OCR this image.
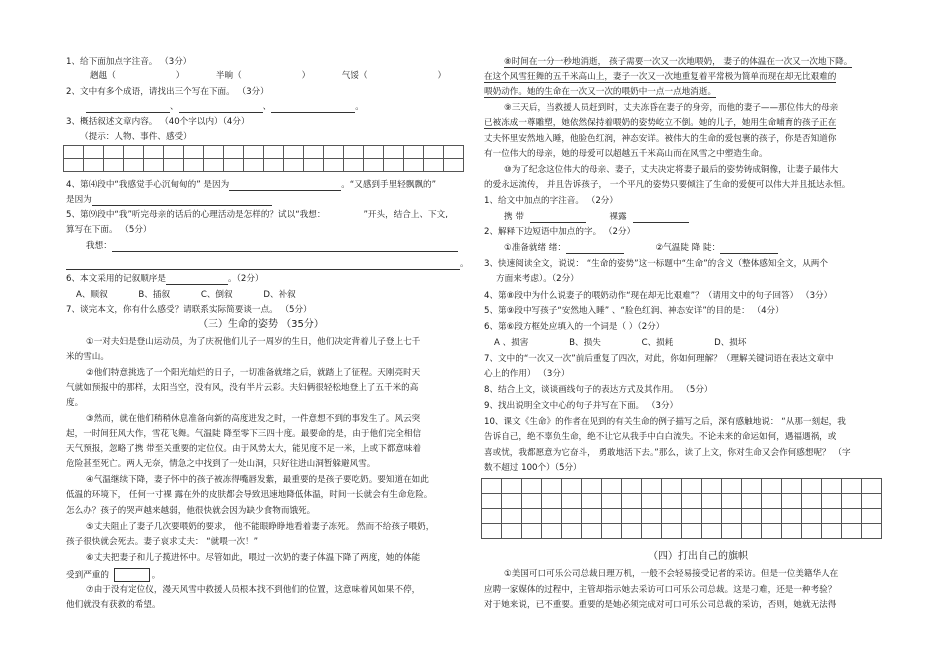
1、给下面加点字注音。 （3分）
趔趄（	）	半晌（	）	气馁（	）
2、文中有多个成语，请找出三个写在下面。 （3分）
、	、	。
3、概括叙述文章内容。 （40个字以内）（4分）
（提示：人物、事件、感受）

4、第⑷段中“我感觉手心沉甸甸的” 是因为	。“又感到手里轻飘飘的”
是因为
5、第⑼段中“我”听完母亲的话后的心理活动是怎样的？试以“我想：	”开头，结合上、下文,
算写在下面。 （5分）
我想：
。
6、本文采用的记叙顺序是	。（2分）
A、顺叙	B、插叙	C、倒叙	D、补叙
7、谈完本文，你有什么感受？请联系实际简要谈一点。 （5分）
（三）生命的姿势 （35分）
①一对夫妇是登山运动员，为了庆祝他们儿子一周岁的生日，他们决定背着儿子登上七千
米的雪山。
②他们特意挑选了一个阳光灿烂的日子，一切准备就绪之后，就踏上了征程。天刚亮时天
气就如预报中的那样，太阳当空，没有风，没有半片云彩。夫妇俩很轻松地登上了五千米的高
度。
③然而，就在他们稍稍休息准备向新的高度进发之时，一件意想不到的事发生了。风云突
起，一时间狂风大作，雪花飞舞。气温陡 降至零下三四十度。最要命的是，由于他们完全相信
天气预报，忽略了携 带至关重要的定位仪。由于风势太大，能见度不足一米，上或下都意味着
危险甚至死亡。两人无奈，情急之中找到了一处山洞，只好往进山洞暂躲避风雪。
④气温继续下降，妻子怀中的孩子被冻得嘴唇发紫，最重要的是孩子要吃奶。要知道在如此
低温的环境下， 任何一寸裸 露在外的皮肤都会导致迅速地降低体温，时间一长就会有生命危险。
怎么办？孩子的哭声越来越弱，他很快就会因为缺少食物而饿死。
⑤丈夫阻止了妻子几次要喂奶的要求， 他不能眼睁睁地看着妻子冻死。 然而不给孩子喂奶，
孩子很快就会死去。妻子哀求丈夫： “就喂一次！”
⑥丈夫把妻子和儿子揽进怀中。尽管如此，喂过一次奶的妻子体温下降了两度，她的体能
受到严重的	。
⑦由于没有定位仪，漫天风雪中救援人员根本找不到他们的位置，这意味着风如果不停，
他们就没有获救的希望。
⑧时间在一分一秒地消逝， 孩子需要一次又一次地喂奶， 妻子的体温在一次又一次地下降。
在这个风雪狂舞的五千米高山上，妻子一次又一次地重复着平常极为简单而现在却无比艰难的
喂奶动作。她的生命在一次又一次的喂奶中一点一点地消逝。
⑨三天后，当救援人员赶到时，丈夫冻昏在妻子的身旁，而他的妻子——那位伟大的母亲
已被冻成一尊雕塑，她依然保持着喂奶的姿势屹立不倒。她的儿子，她用生命哺育的孩子正在
丈夫怀里安然地入睡，他脸色红润，神态安详。被伟大的生命的爱包裹的孩子，你是否知道你
有一位伟大的母亲，她的母爱可以超越五千米高山而在风雪之中塑造生命。
⑩为了纪念这位伟大的母亲、妻子，丈夫决定将妻子最后的姿势铸成铜像，让妻子最伟大
的爱永远流传， 并且告诉孩子， 一个平凡的姿势只要倾注了生命的爱便可以伟大并且抵达永恒。
1、给文中加点的字注音。 （2分）
携 带	裸露
2、解释下边短语中加点的字。 （2分）
①准备就绪 绪：	②气温陡 降 陡：
3、快速阅读全文，说说： “生命的姿势”这一标题中“生命”的含义（整体感知全文，从两个
方面来考虑）。（2分）
4、第⑧段中为什么说妻子的喂奶动作“现在却无比艰难”？（请用文中的句子回答） （3分）
5、第⑨段中写孩子“安然地入睡” 、“脸色红润、神态安详”的目的是： （4分）
6、第⑥段方框处应填入的一个词是（ ）（2分）
A 、损害	B、损失	C、损耗	D、损坏
7、文中的“一次又一次”前后重复了四次，对此，你如何理解？（理解关键词语在表达文章中
心上的作用） （3分）
8、结合上文，谈谈画线句子的表达方式及其作用。 （5分）
9、找出说明全文中心的句子并写在下面。 （3分）
10、课文《生命》的作者在见到的有关生命的例子描写之后，深有感触地说： “从那一刻起，我
告诉自己，绝不辜负生命，绝不让它从我手中白白流失。不论未来的命运如何，遇福遇祸，或
喜或忧，我都愿意为它奋斗， 勇敢地活下去。”那么，读了上文，你对生命又会作何感想呢？ （字
数不超过 100个）（5分）

（四）打出自己的旗帜
①美国可口可乐公司总裁日理万机，一般不会轻易接受记者的采访。但是一位美籍华人在
应聘一家媒体的过程中，主管却指示她去采访可口可乐公司总裁。这是刁难，还是一种考验？
对于她来说，已不重要。重要的是她必须完成对可口可乐公司总裁的采访，否则，她就无法得
